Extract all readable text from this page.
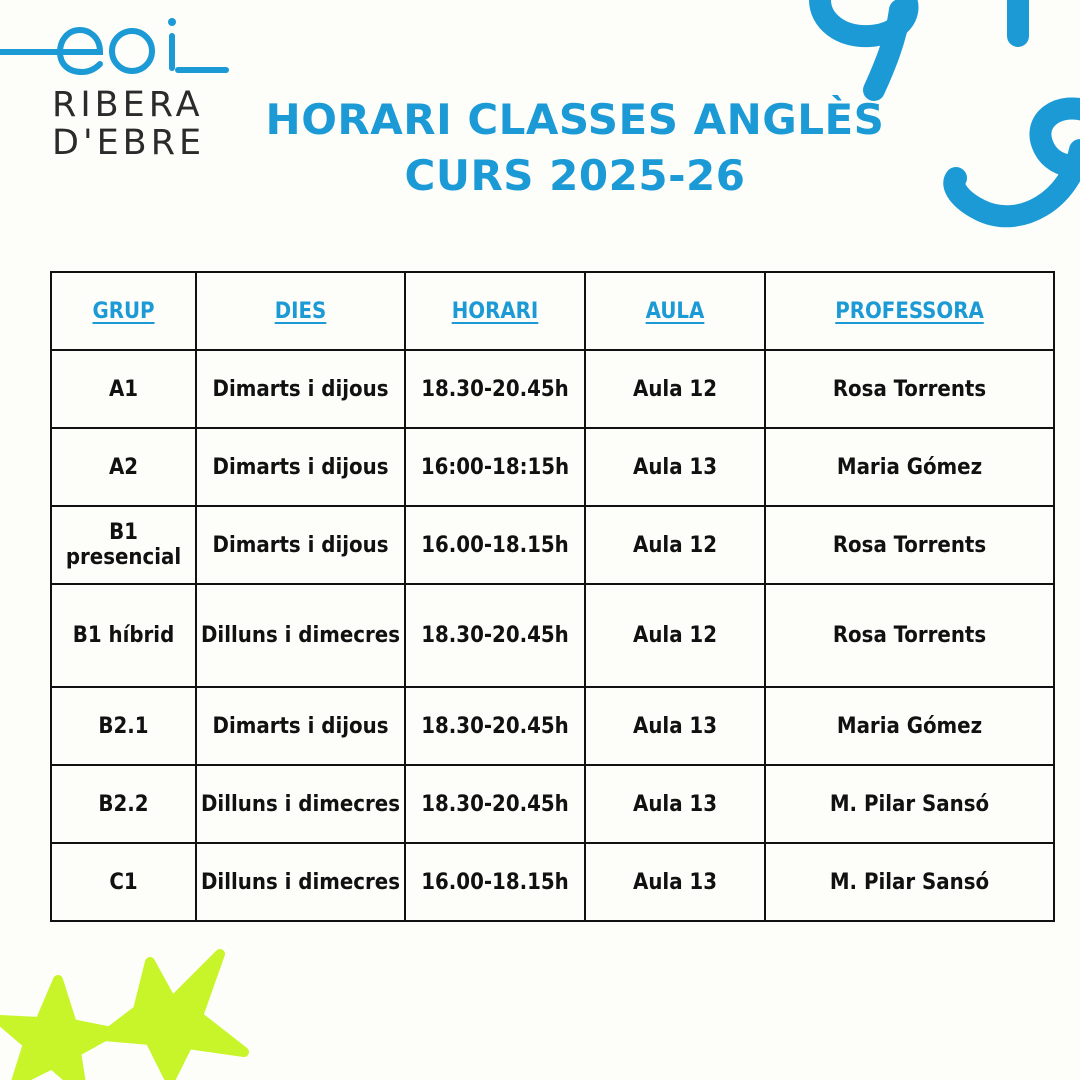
RIBERA
D'EBRE	HORARI CLASSES ANGLÈS
CURS 2025-26
GRUP	DIES	HORARI	AULA	PROFESSORA
A1	Dimarts i dijous	18.30-20.45h	Aula 12	Rosa Torrents
A2	Dimarts i dijous	16:00-18:15h	Aula 13	Maria Gómez
B1 presencial	Dimarts i dijous	16.00-18.15h	Aula 12	Rosa Torrents
B1 híbrid	Dilluns i dimecres	18.30-20.45h	Aula 12	Rosa Torrents
B2.1	Dimarts i dijous	18.30-20.45h	Aula 13	Maria Gómez
B2.2	Dilluns i dimecres	18.30-20.45h	Aula 13	M. Pilar Sansó
C1	Dilluns i dimecres	16.00-18.15h	Aula 13	M. Pilar Sansó
